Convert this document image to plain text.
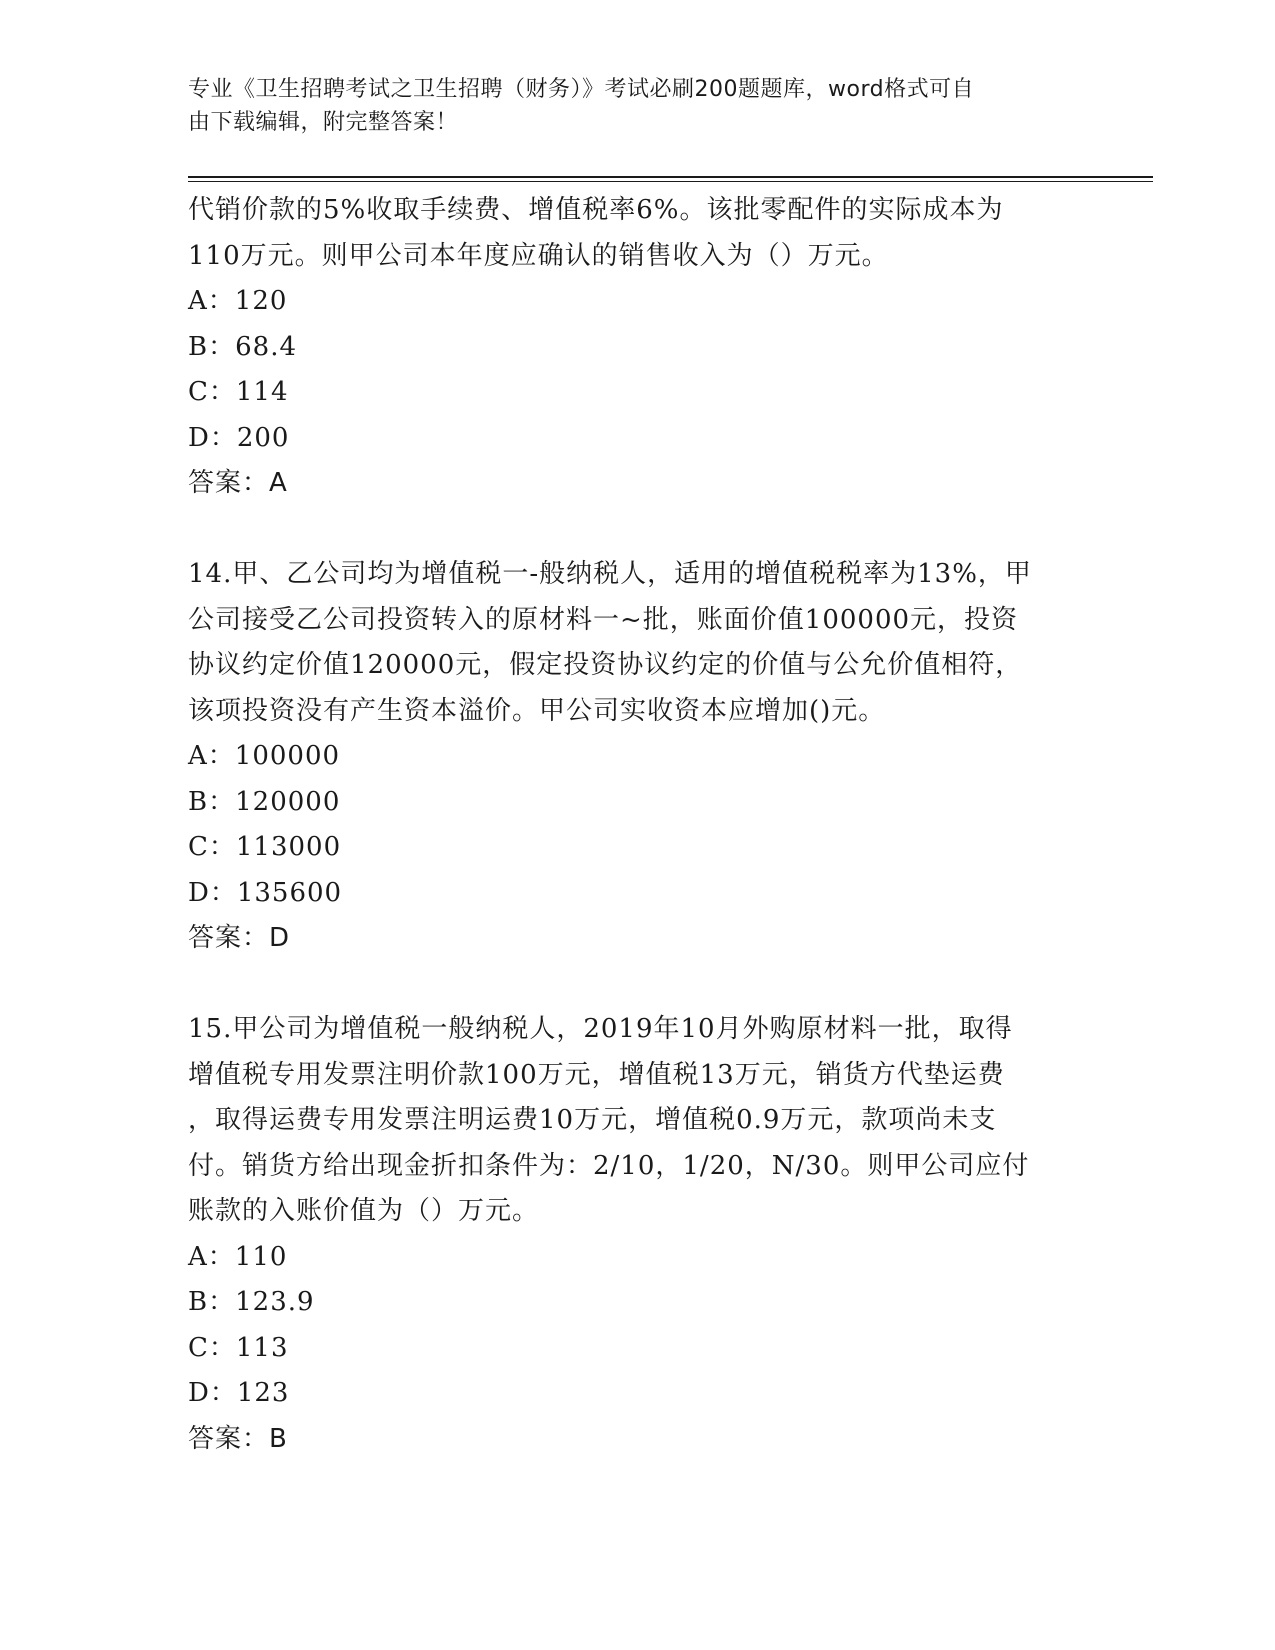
专业《卫生招聘考试之卫生招聘（财务）》考试必刷200题题库，word格式可自
由下载编辑，附完整答案！
代销价款的5%收取手续费、增值税率6%。该批零配件的实际成本为
110万元。则甲公司本年度应确认的销售收入为（）万元。
A：120
B：68.4
C：114
D：200
答案：A
14.甲、乙公司均为增值税一-般纳税人，适用的增值税税率为13%，甲
公司接受乙公司投资转入的原材料一~批，账面价值100000元，投资
协议约定价值120000元，假定投资协议约定的价值与公允价值相符，
该项投资没有产生资本溢价。甲公司实收资本应增加()元。
A：100000
B：120000
C：113000
D：135600
答案：D
15.甲公司为增值税一般纳税人，2019年10月外购原材料一批，取得
增值税专用发票注明价款100万元，增值税13万元，销货方代垫运费
，取得运费专用发票注明运费10万元，增值税0.9万元，款项尚未支
付。销货方给出现金折扣条件为：2/10，1/20，N/30。则甲公司应付
账款的入账价值为（）万元。
A：110
B：123.9
C：113
D：123
答案：B
